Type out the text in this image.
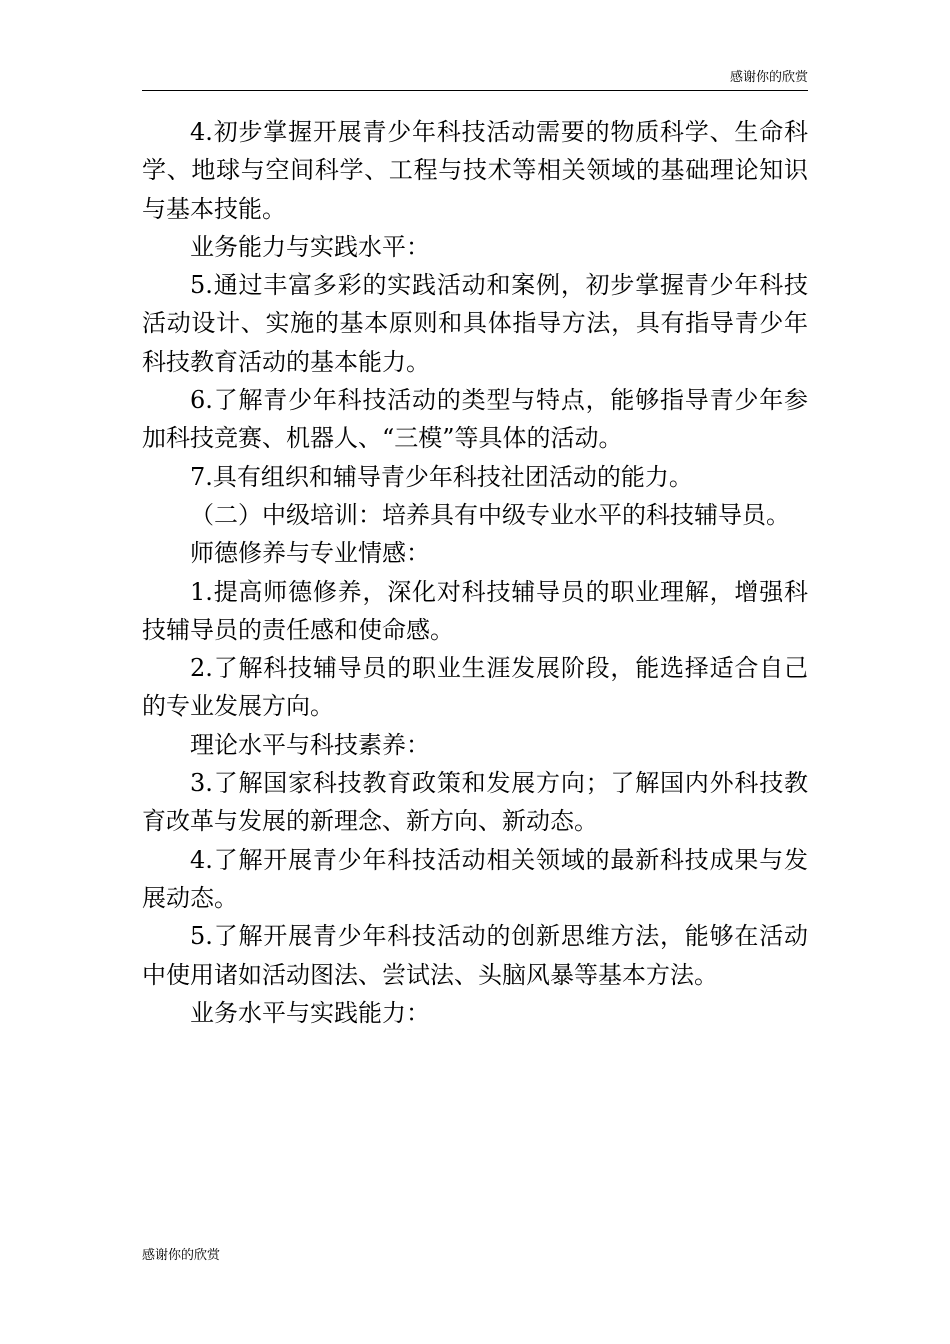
感谢你的欣赏

4.初步掌握开展青少年科技活动需要的物质科学、生命科学、地球与空间科学、工程与技术等相关领域的基础理论知识与基本技能。

业务能力与实践水平：

5.通过丰富多彩的实践活动和案例，初步掌握青少年科技活动设计、实施的基本原则和具体指导方法，具有指导青少年科技教育活动的基本能力。

6.了解青少年科技活动的类型与特点，能够指导青少年参加科技竞赛、机器人、“三模”等具体的活动。

7.具有组织和辅导青少年科技社团活动的能力。

（二）中级培训：培养具有中级专业水平的科技辅导员。

师德修养与专业情感：

1.提高师德修养，深化对科技辅导员的职业理解，增强科技辅导员的责任感和使命感。

2.了解科技辅导员的职业生涯发展阶段，能选择适合自己的专业发展方向。

理论水平与科技素养：

3.了解国家科技教育政策和发展方向；了解国内外科技教育改革与发展的新理念、新方向、新动态。

4.了解开展青少年科技活动相关领域的最新科技成果与发展动态。

5.了解开展青少年科技活动的创新思维方法，能够在活动中使用诸如活动图法、尝试法、头脑风暴等基本方法。

业务水平与实践能力：

感谢你的欣赏
